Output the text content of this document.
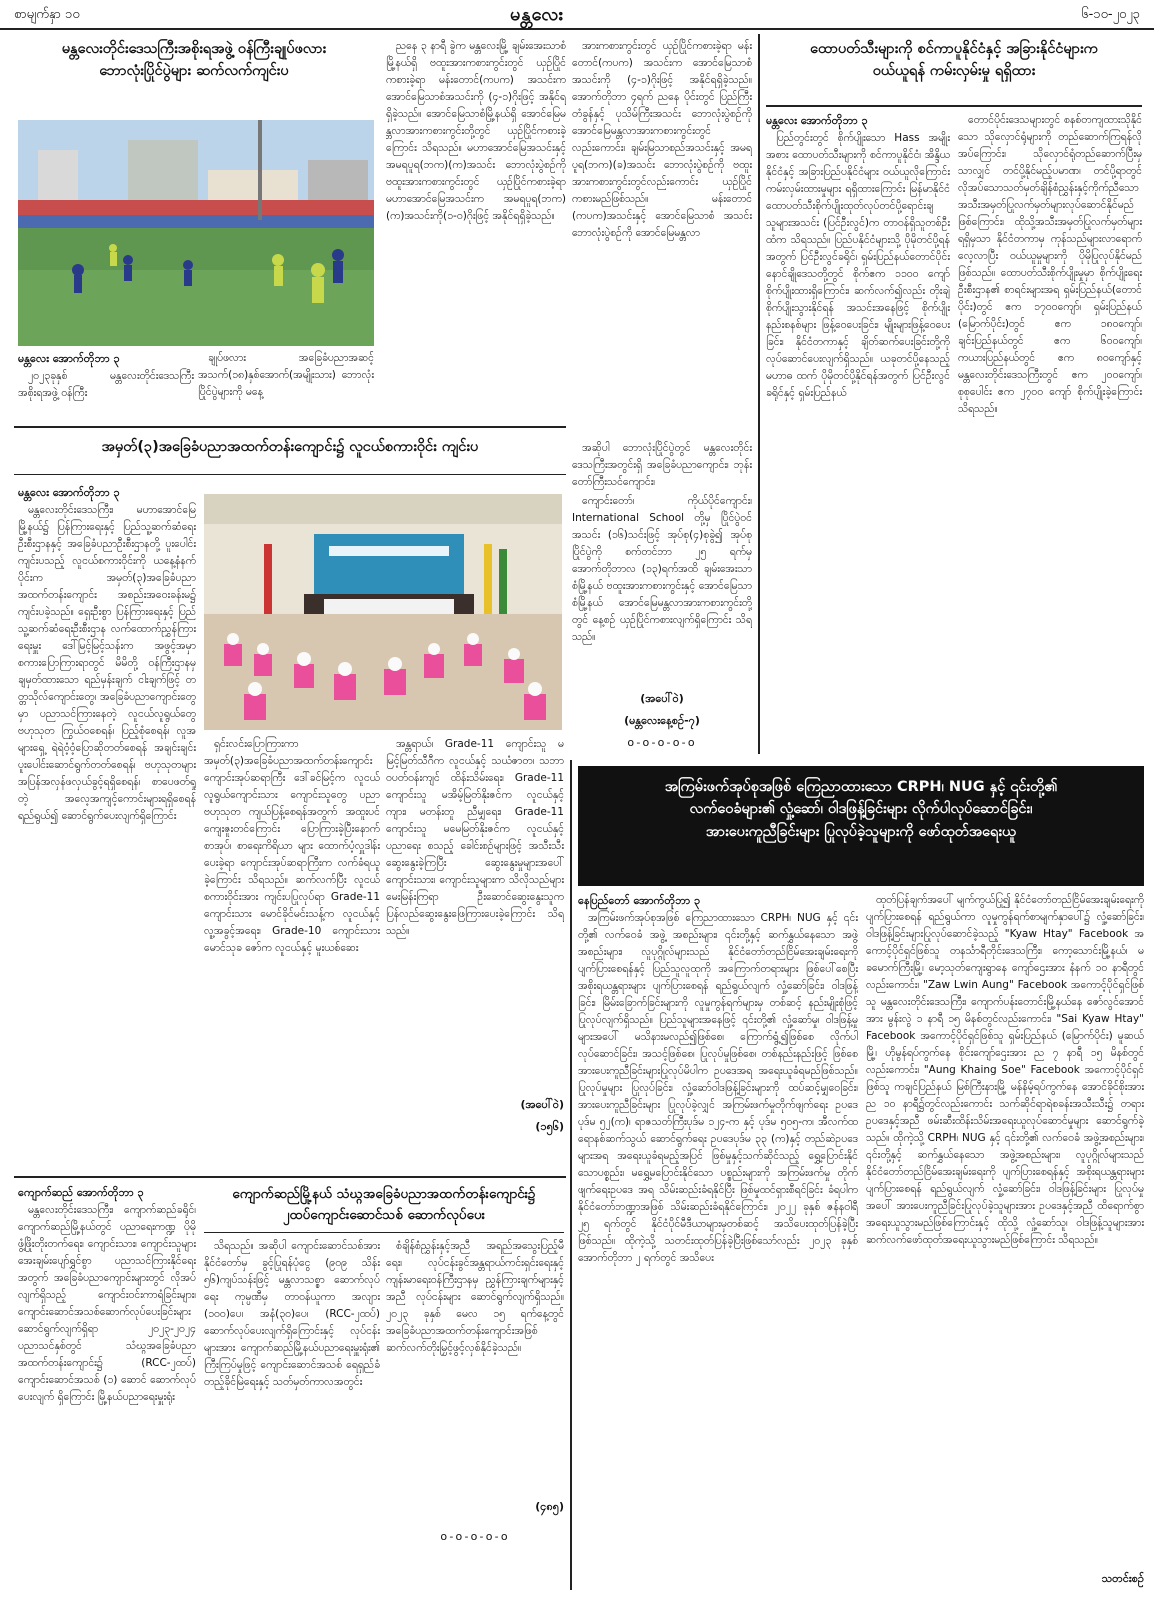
စာမျက်နှာ ၁၀	မန္တလေး	၆-၁၀-၂၀၂၃
မန္တလေးတိုင်းဒေသကြီးအစိုးရအဖွဲ့ ဝန်ကြီးချုပ်ဖလား
ဘောလုံးပြိုင်ပွဲများ ဆက်လက်ကျင်းပ
မန္တလေး အောက်တိုဘာ ၃

၂၀၂၃ခုနှစ် မန္တလေးတိုင်းဒေသကြီးအစိုးရအဖွဲ့ ဝန်ကြီး

ချုပ်ဖလား အခြေခံပညာအဆင့်အသက်(၁၈)နှစ်အောက်(အမျိုးသား) ဘောလုံးပြိုင်ပွဲများကို မနေ့

ညနေ ၃ နာရီ ခွဲက မန္တလေးမြို့ ချမ်းအေးသာစံမြို့နယ်ရှိ ဗထူးအားကစားကွင်းတွင် ယှဉ်ပြိုင်ကစားခဲ့ရာ မန်းတောင်(ကပက) အသင်းက အောင်မြေသာစံအသင်းကို (၄-၁)ဂိုးဖြင့် အနိုင်ရရှိခဲ့သည်။ အောင်မြေသာစံမြို့နယ်ရှိ အောင်မြေမန္တလာအားကစားကွင်းတို့တွင် ယှဉ်ပြိုင်ကစားခဲ့ကြောင်း သိရသည်။ မဟာအောင်မြေအသင်းနှင့် အမရပူရ(ဘက)(က)အသင်း ဘောလုံးပွဲစဉ်ကို ဗထူးအားကစားကွင်းတွင် ယှဉ်ပြိုင်ကစားခဲ့ရာ မဟာအောင်မြေအသင်းက အမရပူရ(ဘက)(က)အသင်းကို(၁-၀)ဂိုးဖြင့် အနိုင်ရရှိခဲ့သည်။

အားကစားကွင်းတွင် ယှဉ်ပြိုင်ကစားခဲ့ရာ မန်းတောင်(ကပက) အသင်းက အောင်မြေသာစံအသင်းကို (၄-၁)ဂိုးဖြင့် အနိုင်ရရှိခဲ့သည်။ အောက်တိုဘာ ၄ရက် ညနေ ပိုင်းတွင် ပြည်ကြီးတံခွန်နှင့် ပုသိမ်ကြီးအသင်း ဘောလုံးပွဲစဉ်ကို အောင်မြေမန္တလာအားကစားကွင်းတွင်လည်းကောင်း၊ ချမ်းမြသာစည်အသင်းနှင့် အမရပူရ(ဘက)(ခ)အသင်း ဘောလုံးပွဲစဉ်ကို ဗထူးအားကစားကွင်းတွင်လည်းကောင်း ယှဉ်ပြိုင်ကစားမည်ဖြစ်သည်။ မန်းတောင် (ကပက)အသင်းနှင့် အောင်မြေသာစံ အသင်း ဘောလုံးပွဲစဉ်ကို အောင်မြေမန္တလာ

အဆိုပါ ဘောလုံးပြိုင်ပွဲတွင် မန္တလေးတိုင်းဒေသကြီးအတွင်းရှိ အခြေခံပညာကျောင်း၊ ဘုန်းတော်ကြီးသင်ကျောင်း၊

ကျောင်းတော်၊ ကိုယ်ပိုင်ကျောင်း၊ International School တို့မှ ပြိုင်ပွဲဝင်အသင်း (၁၆)သင်းဖြင့် အုပ်စု(၄)စုခွဲ၍ အုပ်စုပြိုင်ပွဲကို စက်တင်ဘာ ၂၅ ရက်မှ အောက်တိုဘာလ (၁၃)ရက်အထိ ချမ်းအေးသာစံမြို့နယ် ဗထူးအားကစားကွင်းနှင့် အောင်မြေသာစံမြို့နယ် အောင်မြေမန္တလာအားကစားကွင်းတို့တွင် နေ့စဉ် ယှဉ်ပြိုင်ကစားလျက်ရှိကြောင်း သိရသည်။

(အပေါ်ဝဲ)
(မန္တလေးနေ့စဉ်-၇)
o-o-o-o-o
ထောပတ်သီးများကို စင်ကာပူနိုင်ငံနှင့် အခြားနိုင်ငံများက
ဝယ်ယူရန် ကမ်းလှမ်းမှု ရရှိထား
မန္တလေး အောက်တိုဘာ ၃

ပြည်တွင်းတွင် စိုက်ပျိုးသော Hass အမျိုးအစား ထောပတ်သီးများကို စင်ကာပူနိုင်ငံ၊ အိန္ဒိယနိုင်ငံနှင့် အခြားပြည်ပနိုင်ငံများ ဝယ်ယူလိုကြောင်း ကမ်းလှမ်းထားမှုများ ရရှိထားကြောင်း မြန်မာနိုင်ငံထောပတ်သီးစိုက်ပျိုးထုတ်လုပ်တင်ပို့ရောင်းချသူများအသင်း (ပြင်ဦးလွင်)က တာဝန်ရှိသူတစ်ဦးထံက သိရသည်။ ပြည်ပနိုင်ငံများသို့ ပိုမိုတင်ပို့ရန်အတွက် ပြင်ဦးလွင်ခရိုင်၊ ရှမ်းပြည်နယ်တောင်ပိုင်း နောင်ချိုဒေသတို့တွင် စိုက်ဧက ၁၁၀၀ ကျော်စိုက်ပျိုးထားရှိကြောင်း၊ ဆက်လက်၍လည်း တိုးချဲ့စိုက်ပျိုးသွားနိုင်ရန် အသင်းအနေဖြင့် စိုက်ပျိုးနည်းစနစ်များ ဖြန့်ဝေပေးခြင်း၊ မျိုးများဖြန့်ဝေပေးခြင်း၊ နိုင်ငံတကာနှင့် ချိတ်ဆက်ပေးခြင်းတို့ကို လုပ်ဆောင်ပေးလျက်ရှိသည်။ ယခုတင်ပို့နေသည့် မဟာဓ ထက် ပိုမိုတင်ပို့နိုင်ရန်အတွက် ပြင်ဦးလွင်ခရိုင်နှင့် ရှမ်းပြည်နယ်

တောင်ပိုင်းဒေသများတွင် စနစ်တကျထားသိုနိုင်သော သိုလှောင်ရုံများကို တည်ဆောက်ကြရန်လိုအပ်ကြောင်း၊ သိုလှောင်ရုံတည်ဆောက်ပြီးမှသာလျှင် တင်ပို့နိုင်မည့်ပမာဏ၊ တင်ပို့ရာတွင် လိုအပ်သောသတ်မှတ်ချိန်စံညွှန်းနှင့်ကိုက်ညီသော အသီးအမှတ်ပြုလက်မှတ်များလုပ်ဆောင်နိုင်မည်ဖြစ်ကြောင်း၊ ထိုသို့အသီးအမှတ်ပြုလက်မှတ်များရရှိမှသာ နိုင်ငံတကာမှ ကုန်သည်များလာရောက်လေ့လာပြီး ဝယ်ယူမှုများကို ပိုမိုပြုလုပ်နိုင်မည်ဖြစ်သည်။ ထောပတ်သီးစိုက်ပျိုးမှုမှာ စိုက်ပျိုးရေးဦးစီးဌာန၏ စာရင်းများအရ ရှမ်းပြည်နယ်(တောင်ပိုင်း)တွင် ဧက ၁၇၀၀ကျော်၊ ရှမ်းပြည်နယ် (မြောက်ပိုင်း)တွင် ဧက ၁၈၀ကျော်၊ ချင်းပြည်နယ်တွင် ဧက ၆၀၀ကျော်၊ ကယားပြည်နယ်တွင် ဧက ၈၀ကျော်နှင့် မန္တလေးတိုင်းဒေသကြီးတွင် ဧက ၂၀၀ကျော်၊ စုစုပေါင်း ဧက ၂၇၀၀ ကျော် စိုက်ပျိုးခဲ့ကြောင်း သိရသည်။

အမှတ်(၃)အခြေခံပညာအထက်တန်းကျောင်း၌ လူငယ်စကားဝိုင်း ကျင်းပ
မန္တလေး အောက်တိုဘာ ၃

မန္တလေးတိုင်းဒေသကြီး၊ မဟာအောင်မြေမြို့နယ်၌ ပြန်ကြားရေးနှင့် ပြည်သူ့ဆက်ဆံရေးဦးစီးဌာနနှင့် အခြေခံပညာဦးစီးဌာနတို့ ပူးပေါင်းကျင်းပသည့် လူငယ်စကားဝိုင်းကို ယနေ့နံနက်ပိုင်းက အမှတ်(၃)အခြေခံပညာအထက်တန်းကျောင်း အစည်းအဝေးခန်းမ၌ ကျင်းပခဲ့သည်။ ရှေးဦးစွာ ပြန်ကြားရေးနှင့် ပြည်သူ့ဆက်ဆံရေးဦးစီးဌာန လက်ထောက်ညွှန်ကြားရေးမှူး ဒေါ်မြင့်မြင့်သန်းက အဖွင့်အမှာစကားပြောကြားရာတွင် မိမိတို့ ဝန်ကြီးဌာနမှ ချမှတ်ထားသော ရည်မှန်းချက် ငါးချက်ဖြင့် တတ္တသိုလ်ကျောင်းတွေ၊ အခြေခံပညာကျောင်းတွေမှာ ပညာသင်ကြားနေတဲ့ လူငယ်လူရွယ်တွေ ဗဟုသုတ ကြွယ်ဝစေရန်၊ ပြည့်စုံစေရန်၊ လူအများရှေ့ ရဲရဲဝံ့ဝံ့ပြောဆိုတတ်စေရန် အချင်းချင်းပူးပေါင်းဆောင်ရွက်တတ်စေရန်၊ ဗဟုသုတများအပြန်အလှန်ဖလှယ်ခွင့်ရရှိစေရန်၊ စာပေဖတ်ရှုတဲ့ အလေ့အကျင့်ကောင်းများရရှိစေရန် ရည်ရွယ်၍ ဆောင်ရွက်ပေးလျက်ရှိကြောင်း

ရှင်းလင်းပြောကြားကာ အမှတ်(၃)အခြေခံပညာအထက်တန်းကျောင်း ကျောင်းအုပ်ဆရာကြီး ဒေါ်ခင်မြင့်က လူငယ်လူရွယ်ကျောင်းသား ကျောင်းသူတွေ ပညာဗဟုသုတ ကျယ်ပြန့်စေရန်အတွက် အထူးပင် ကျေးဇူးတင်ကြောင်း ပြောကြားခဲ့ပြီးနောက် စာအုပ်၊ စာရေးကိရိယာ များ ထောက်ပံ့လှူဒါန်းပေးခဲ့ရာ ကျောင်းအုပ်ဆရာကြီးက လက်ခံရယူခဲ့ကြောင်း သိရသည်။ ဆက်လက်ပြီး လူငယ်စကားဝိုင်းအား ကျင်းပပြုလုပ်ရာ Grade-11 ကျောင်းသား မောင်ခိုင်မင်းသန့်က လူငယ်နှင့် လူ့အခွင့်အရေး၊ Grade-10 ကျောင်းသား မောင်သုခ ဇော်က လူငယ်နှင့် မူးယစ်ဆေး

အန္တရာယ်၊ Grade-11 ကျောင်းသူ မမြင့်မြတ်သီဂီက လူငယ်နှင့် သယံဇာတ၊ သဘာဝပတ်ဝန်းကျင် ထိန်းသိမ်းရေး၊ Grade-11 ကျောင်းသူ မအိမ့်မြတ်နိုးဇင်က လူငယ်နှင့် ကျား၊ မတန်းတူ ညီမျှရေး၊ Grade-11 ကျောင်းသူ မမေမြတ်နိုးဇင်က လူငယ်နှင့် ပညာရေး စသည့် ခေါင်းစဉ်များဖြင့် အသီးသီးဆွေးနွေးခဲ့ကြပြီး ဆွေးနွေးမှုများအပေါ် ကျောင်းသား၊ ကျောင်းသူများက သိလိုသည်များ မေးမြန်းကြရာ ဦးဆောင်ဆွေးနွေးသူက ပြန်လည်ဆွေးနွေးဖြေကြားပေးခဲ့ကြောင်း သိရသည်။

(အပေါ်ဝဲ)
(၁၅၆)
အကြမ်းဖက်အုပ်စုအဖြစ် ကြေညာထားသော CRPH၊ NUG နှင့် ၎င်းတို့၏
လက်ဝေခံများ၏ လှုံ့ဆော်၊ ဝါဒဖြန့်ခြင်းများ လိုက်ပါလုပ်ဆောင်ခြင်း၊
အားပေးကူညီခြင်းများ ပြုလုပ်ခဲ့သူများကို ဖော်ထုတ်အရေးယူ
နေပြည်တော် အောက်တိုဘာ ၃

အကြမ်းဖက်အုပ်စုအဖြစ် ကြေညာထားသော CRPH၊ NUG နှင့် ၎င်းတို့၏ လက်ဝေခံ အဖွဲ့ အစည်းများ၊ ၎င်းတို့နှင့် ဆက်နွှယ်နေသော အဖွဲ့အစည်းများ၊ လူပုဂ္ဂိုလ်များသည် နိုင်ငံတော်တည်ငြိမ်အေးချမ်းရေးကို ပျက်ပြားစေရန်နှင့် ပြည်သူလူထုကို အကြောက်တရားများ ဖြစ်ပေါ်စေပြီး အစိုးရယန္တရားများ ပျက်ပြားစေရန် ရည်ရွယ်လျက် လှုံ့ဆော်ခြင်း၊ ဝါဒဖြန့်ခြင်း၊ မြိမ်းခြောက်ခြင်းများကို လူမှုကွန်ရက်များမှ တစ်ဆင့် နည်းမျိုးစုံဖြင့် ပြုလုပ်လျက်ရှိသည်။ ပြည်သူများအနေဖြင့် ၎င်းတို့၏ လှုံ့ဆော်မှု၊ ဝါဒဖြန့်မှုများအပေါ် မသိနားမလည်၍ဖြစ်စေ၊ ကြောက်ရွံ့၍ဖြစ်စေ လိုက်ပါလုပ်ဆောင်ခြင်း၊ အသင့်ဖြစ်စေ၊ ပြုလုပ်မှုဖြစ်စေ၊ တစ်နည်းနည်းဖြင့် ဖြစ်စေ အားပေးကူညီခြင်းများပြုလုပ်မိပါက ဥပဒေအရ အရေးယူခံရမည်ဖြစ်သည်။ ပြုလုပ်မှုများ ပြုလုပ်ခြင်း၊ လှုံ့ဆော်ဝါဒဖြန့်ခြင်းများကို ထပ်ဆင့်မျှဝေခြင်း၊ အားပေးကူညီခြင်းများ ပြုလုပ်ခဲ့လျှင် အကြမ်းဖက်မှုတိုက်ဖျက်ရေး ဥပဒေ ပုဒ်မ ၅၂(က)၊ ရာဇသတ်ကြီးပုဒ်မ ၁၂၄-က နှင့် ပုဒ်မ ၅၀၅-က၊ အီလက်ထရောနစ်ဆက်သွယ် ဆောင်ရွက်ရေး ဥပဒေပုဒ်မ ၃၃ (က)နှင့် တည်ဆဲဥပဒေများအရ အရေးယူခံရမည့်အပြင် ဖြစ်မှုနှင့်သက်ဆိုင်သည့် ရွှေ့ပြောင်းနိုင်သောပစ္စည်း၊ မရွှေ့မပြောင်းနိုင်သော ပစ္စည်းများကို အကြမ်းဖက်မှု တိုက်ဖျက်ရေးဥပဒေ အရ သိမ်းဆည်းခံရနိုင်ပြီး ဖြစ်မှုထင်ရှားစီရင်ခြင်း ခံရပါက နိုင်ငံတော်ဘဏ္ဍာအဖြစ် သိမ်းဆည်းခံရနိုင်ကြောင်း၊ ၂၀၂၂ ခုနှစ် ဇန်နဝါရီ ၂၅ ရက်တွင် နိုင်ငံပိုင်မီဒီယာများမှတစ်ဆင့် အသိပေးထုတ်ပြန်ခဲ့ပြီး ဖြစ်သည်။ ထိုကဲ့သို့ သတင်းထုတ်ပြန်ခဲ့ပြီးဖြစ်သော်လည်း ၂၀၂၃ ခုနှစ် အောက်တိုဘာ ၂ ရက်တွင် အသိပေး

ထုတ်ပြန်ချက်အပေါ် မျက်ကွယ်ပြု၍ နိုင်ငံတော်တည်ငြိမ်အေးချမ်းရေးကို ပျက်ပြားစေရန် ရည်ရွယ်ကာ လူမှုကွန်ရက်စာမျက်နှာပေါ်၌ လှုံ့ဆော်ခြင်း၊ ဝါဒဖြန့်ခြင်းများပြုလုပ်ဆောင်ခဲ့သည့် "Kyaw Htay" Facebook အကောင့်ပိုင်ရှင်ဖြစ်သူ တနင်္သာရီတိုင်းဒေသကြီး၊ ကော့သောင်းမြို့နယ်၊ မခမောက်ကြီးမြို့၊ မော့သုတ်ကျေးရွာနေ ကျော်ဌေးအား နံနက် ၁၀ နာရီတွင်လည်းကောင်း၊ "Zaw Lwin Aung" Facebook အကောင့်ပိုင်ရှင်ဖြစ်သူ မန္တလေးတိုင်းဒေသကြီး၊ ကျောက်ပန်းတောင်းမြို့နယ်နေ ဇော်လွင်အောင်အား မွန်းလွဲ ၁ နာရီ ၁၅ မိနစ်တွင်လည်းကောင်း၊ "Sai Kyaw Htay" Facebook အကောင့်ပိုင်ရှင်ဖြစ်သူ ရှမ်းပြည်နယ် (မြောက်ပိုင်း) မူဆယ်မြို့၊ ဟိုမွန်ရပ်ကွက်နေ စိုင်းကျော်ဌေးအား ည ၇ နာရီ ၁၅ မိနစ်တွင် လည်းကောင်း၊ "Aung Khaing Soe" Facebook အကောင့်ပိုင်ရှင်ဖြစ်သူ ကချင်ပြည်နယ် မြစ်ကြီးနားမြို့ မန်နိမ့်ရပ်ကွက်နေ အောင်ခိုင်စိုးအား ည ၁၀ နာရီ၌တွင်လည်းကောင်း သက်ဆိုင်ရာရဲစခန်းအသီးသီး၌ တရားဥပဒေနှင့်အညီ ဖမ်းဆီးထိန်းသိမ်းအရေးယူလုပ်ဆောင်မှုများ ဆောင်ရွက်ခဲ့သည်။ ထိုကဲ့သို့ CRPH၊ NUG နှင့် ၎င်းတို့၏ လက်ဝေခံ အဖွဲ့အစည်းများ၊ ၎င်းတို့နှင့် ဆက်နွှယ်နေသော အဖွဲ့အစည်းများ၊ လူပုဂ္ဂိုလ်များသည် နိုင်ငံတော်တည်ငြိမ်အေးချမ်းရေးကို ပျက်ပြားစေရန်နှင့် အစိုးရယန္တရားများ ပျက်ပြားစေရန် ရည်ရွယ်လျက် လှုံ့ဆော်ခြင်း၊ ဝါဒဖြန့်ခြင်းများ ပြုလုပ်မှုအပေါ် အားပေးကူညီခြင်းပြုလုပ်ခဲ့သူများအား ဥပဒေနှင့်အညီ ထိရောက်စွာ အရေးယူသွားမည်ဖြစ်ကြောင်းနှင့် ထိုသို့ လှုံ့ဆော်သူ၊ ဝါဒဖြန့်သူများအား ဆက်လက်ဖော်ထုတ်အရေးယူသွားမည်ဖြစ်ကြောင်း သိရသည်။

သတင်းစဉ်
ကျောက်ဆည် အောက်တိုဘာ ၃

မန္တလေးတိုင်းဒေသကြီး၊ ကျောက်ဆည်ခရိုင်၊ ကျောက်ဆည်မြို့နယ်တွင် ပညာရေးကဏ္ဍ ပိုမိုဖွံ့ဖြိုးတိုးတက်ရေး၊ ကျောင်းသား၊ ကျောင်းသူများ အေးချမ်းပျော်ရွှင်စွာ ပညာသင်ကြားနိုင်ရေးအတွက် အခြေခံပညာကျောင်းများတွင် လိုအပ်လျက်ရှိသည့် ကျောင်းဝင်းကာရံခြင်းများ၊ ကျောင်းဆောင်အသစ်ဆောက်လုပ်ပေးခြင်းများ ဆောင်ရွက်လျက်ရှိရာ ၂၀၂၃-၂၀၂၄ ပညာသင်နှစ်တွင် သံဃ္ဂအခြေခံပညာ အထက်တန်းကျောင်း၌ (RCC-၂ထပ်) ကျောင်းဆောင်အသစ် (၁) ဆောင် ဆောက်လုပ်ပေးလျက် ရှိကြောင်း မြို့နယ်ပညာရေးမှူးရုံး

ကျောက်ဆည်မြို့နယ် သံဃ္ဂအခြေခံပညာအထက်တန်းကျောင်း၌
၂ထပ်ကျောင်းဆောင်သစ် ဆောက်လုပ်ပေး

သိရသည်။ အဆိုပါ ကျောင်းဆောင်သစ်အား နိုင်ငံတော်မှ ခွင့်ပြုရန်ပုံငွေ (၉၀၉ သိန်း ၅၆)ကျပ်သန်းဖြင့် မန္တလာသစ္စာ ဆောက်လုပ်ရေး ကုမ္ပဏီမှ တာဝန်ယူကာ အလျား (၁၀၀)ပေ၊ အနံ(၃၀)ပေ၊ (RCC-၂ထပ်) ဆောက်လုပ်ပေးလျက်ရှိကြောင်းနှင့် လုပ်ငန်းများအား ကျောက်ဆည်မြို့နယ်ပညာရေးမှူးရုံး၏ ကြီးကြပ်မှုဖြင့် ကျောင်းဆောင်အသစ် ရေရှည်ခံတည့်ခိုင်မြဲရေးနှင့် သတ်မှတ်ကာလအတွင်း

စံချိန်စံညွှန်းနှင့်အညီ အရည်အသွေးပြည့်မီရေး၊ လုပ်ငန်းခွင်အန္တရာယ်ကင်းရှင်းရေးနှင့် ကျန်းမာရေးဝန်ကြီးဌာနမှ ညွှန်ကြားချက်များနှင့်အညီ လုပ်ငန်းများ ဆောင်ရွက်လျက်ရှိသည်။ ၂၀၂၃ ခုနှစ် မေလ ၁၅ ရက်နေ့တွင် အခြေခံပညာအထက်တန်းကျောင်းအဖြစ် ဆက်လက်တိုးမြှင့်ဖွင့်လှစ်နိုင်ခဲ့သည်။

(၄၈၅)
o-o-o-o-o
